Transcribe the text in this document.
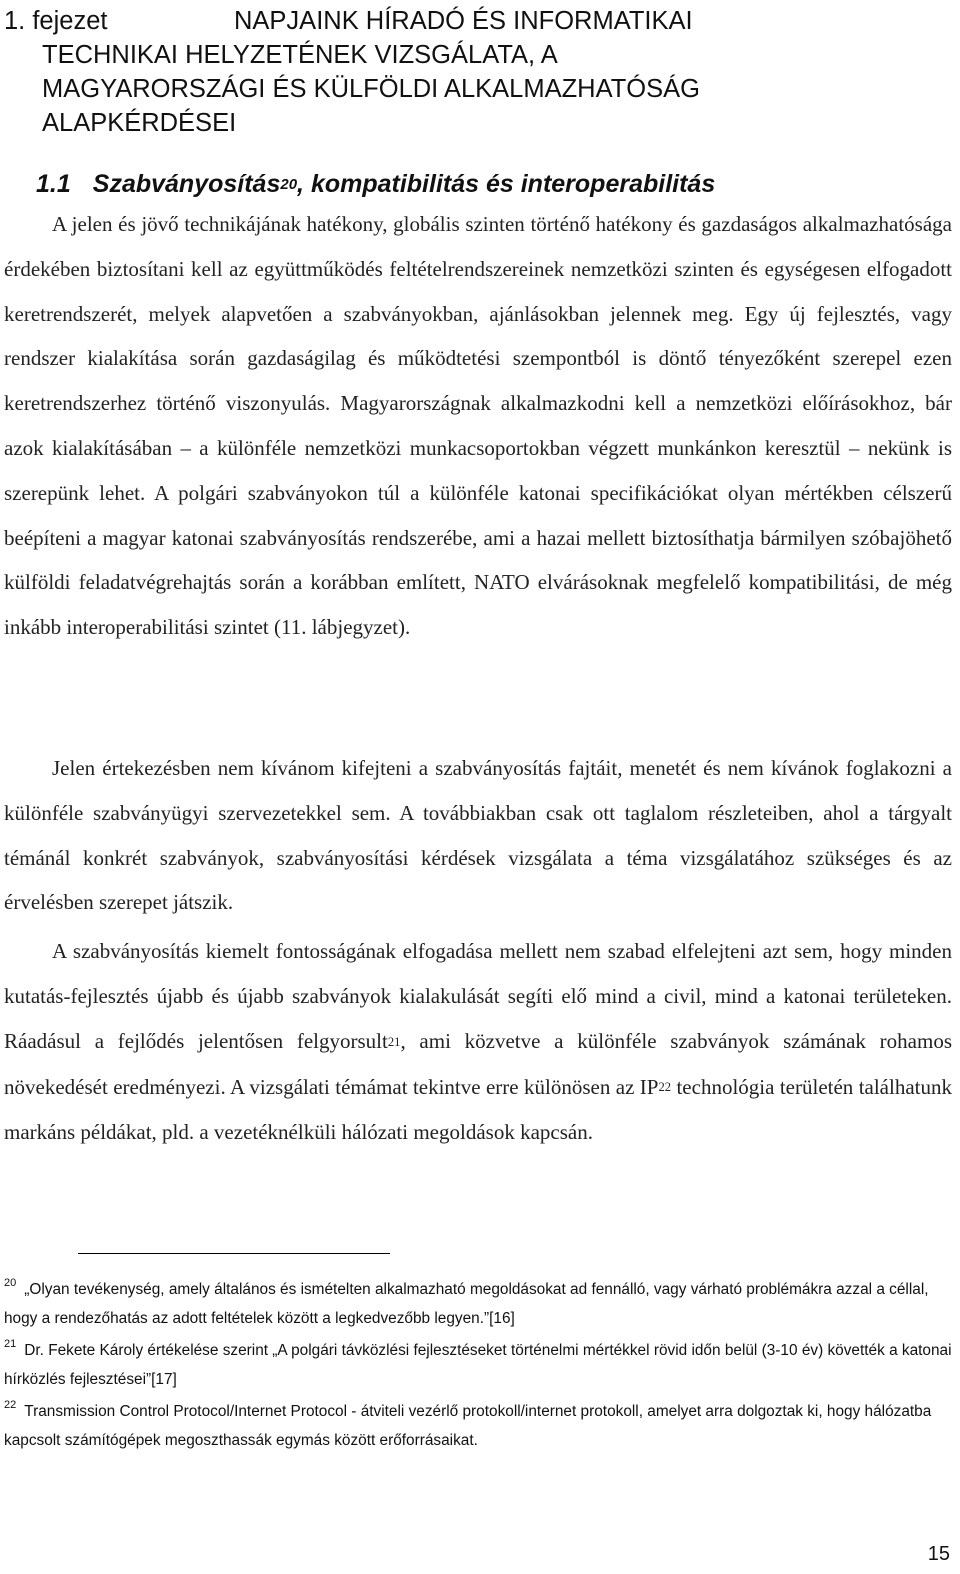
1. fejezet	NAPJAINK HÍRADÓ ÉS INFORMATIKAI
TECHNIKAI HELYZETÉNEK VIZSGÁLATA, A
MAGYARORSZÁGI ÉS KÜLFÖLDI ALKALMAZHATÓSÁG
ALAPKÉRDÉSEI
1.1 Szabványosítás$^{20}$, kompatibilitás és interoperabilitás

A jelen és jövő technikájának hatékony, globális szinten történő hatékony és gazdaságos alkalmazhatósága érdekében biztosítani kell az együttműködés feltételrendszereinek nemzetközi szinten és egységesen elfogadott keretrendszerét, melyek alapvetően a szabványokban, ajánlásokban jelennek meg. Egy új fejlesztés, vagy rendszer kialakítása során gazdaságilag és működtetési szempontból is döntő tényezőként szerepel ezen keretrendszerhez történő viszonyulás. Magyarországnak alkalmazkodni kell a nemzetközi előírásokhoz, bár azok kialakításában – a különféle nemzetközi munkacsoportokban végzett munkánkon keresztül – nekünk is szerepünk lehet. A polgári szabványokon túl a különféle katonai specifikációkat olyan mértékben célszerű beépíteni a magyar katonai szabványosítás rendszerébe, ami a hazai mellett biztosíthatja bármilyen szóbajöhető külföldi feladatvégrehajtás során a korábban említett, NATO elvárásoknak megfelelő kompatibilitási, de még inkább interoperabilitási szintet (11. lábjegyzet).

Jelen értekezésben nem kívánom kifejteni a szabványosítás fajtáit, menetét és nem kívánok foglakozni a különféle szabványügyi szervezetekkel sem. A továbbiakban csak ott taglalom részleteiben, ahol a tárgyalt témánál konkrét szabványok, szabványosítási kérdések vizsgálata a téma vizsgálatához szükséges és az érvelésben szerepet játszik.

A szabványosítás kiemelt fontosságának elfogadása mellett nem szabad elfelejteni azt sem, hogy minden kutatás-fejlesztés újabb és újabb szabványok kialakulását segíti elő mind a civil, mind a katonai területeken. Ráadásul a fejlődés jelentősen felgyorsult$^{21}$, ami közvetve a különféle szabványok számának rohamos növekedését eredményezi. A vizsgálati témámat tekintve erre különösen az IP$^{22}$ technológia területén találhatunk markáns példákat, pld. a vezetéknélküli hálózati megoldások kapcsán.

$^{20}$ „Olyan tevékenység, amely általános és ismételten alkalmazható megoldásokat ad fennálló, vagy várható problémákra azzal a céllal, hogy a rendezőhatás az adott feltételek között a legkedvezőbb legyen.”[16]

$^{21}$ Dr. Fekete Károly értékelése szerint „A polgári távközlési fejlesztéseket történelmi mértékkel rövid időn belül (3-10 év) követték a katonai hírközlés fejlesztései”[17]

$^{22}$ Transmission Control Protocol/Internet Protocol - átviteli vezérlő protokoll/internet protokoll, amelyet arra dolgoztak ki, hogy hálózatba kapcsolt számítógépek megoszthassák egymás között erőforrásaikat.

15
